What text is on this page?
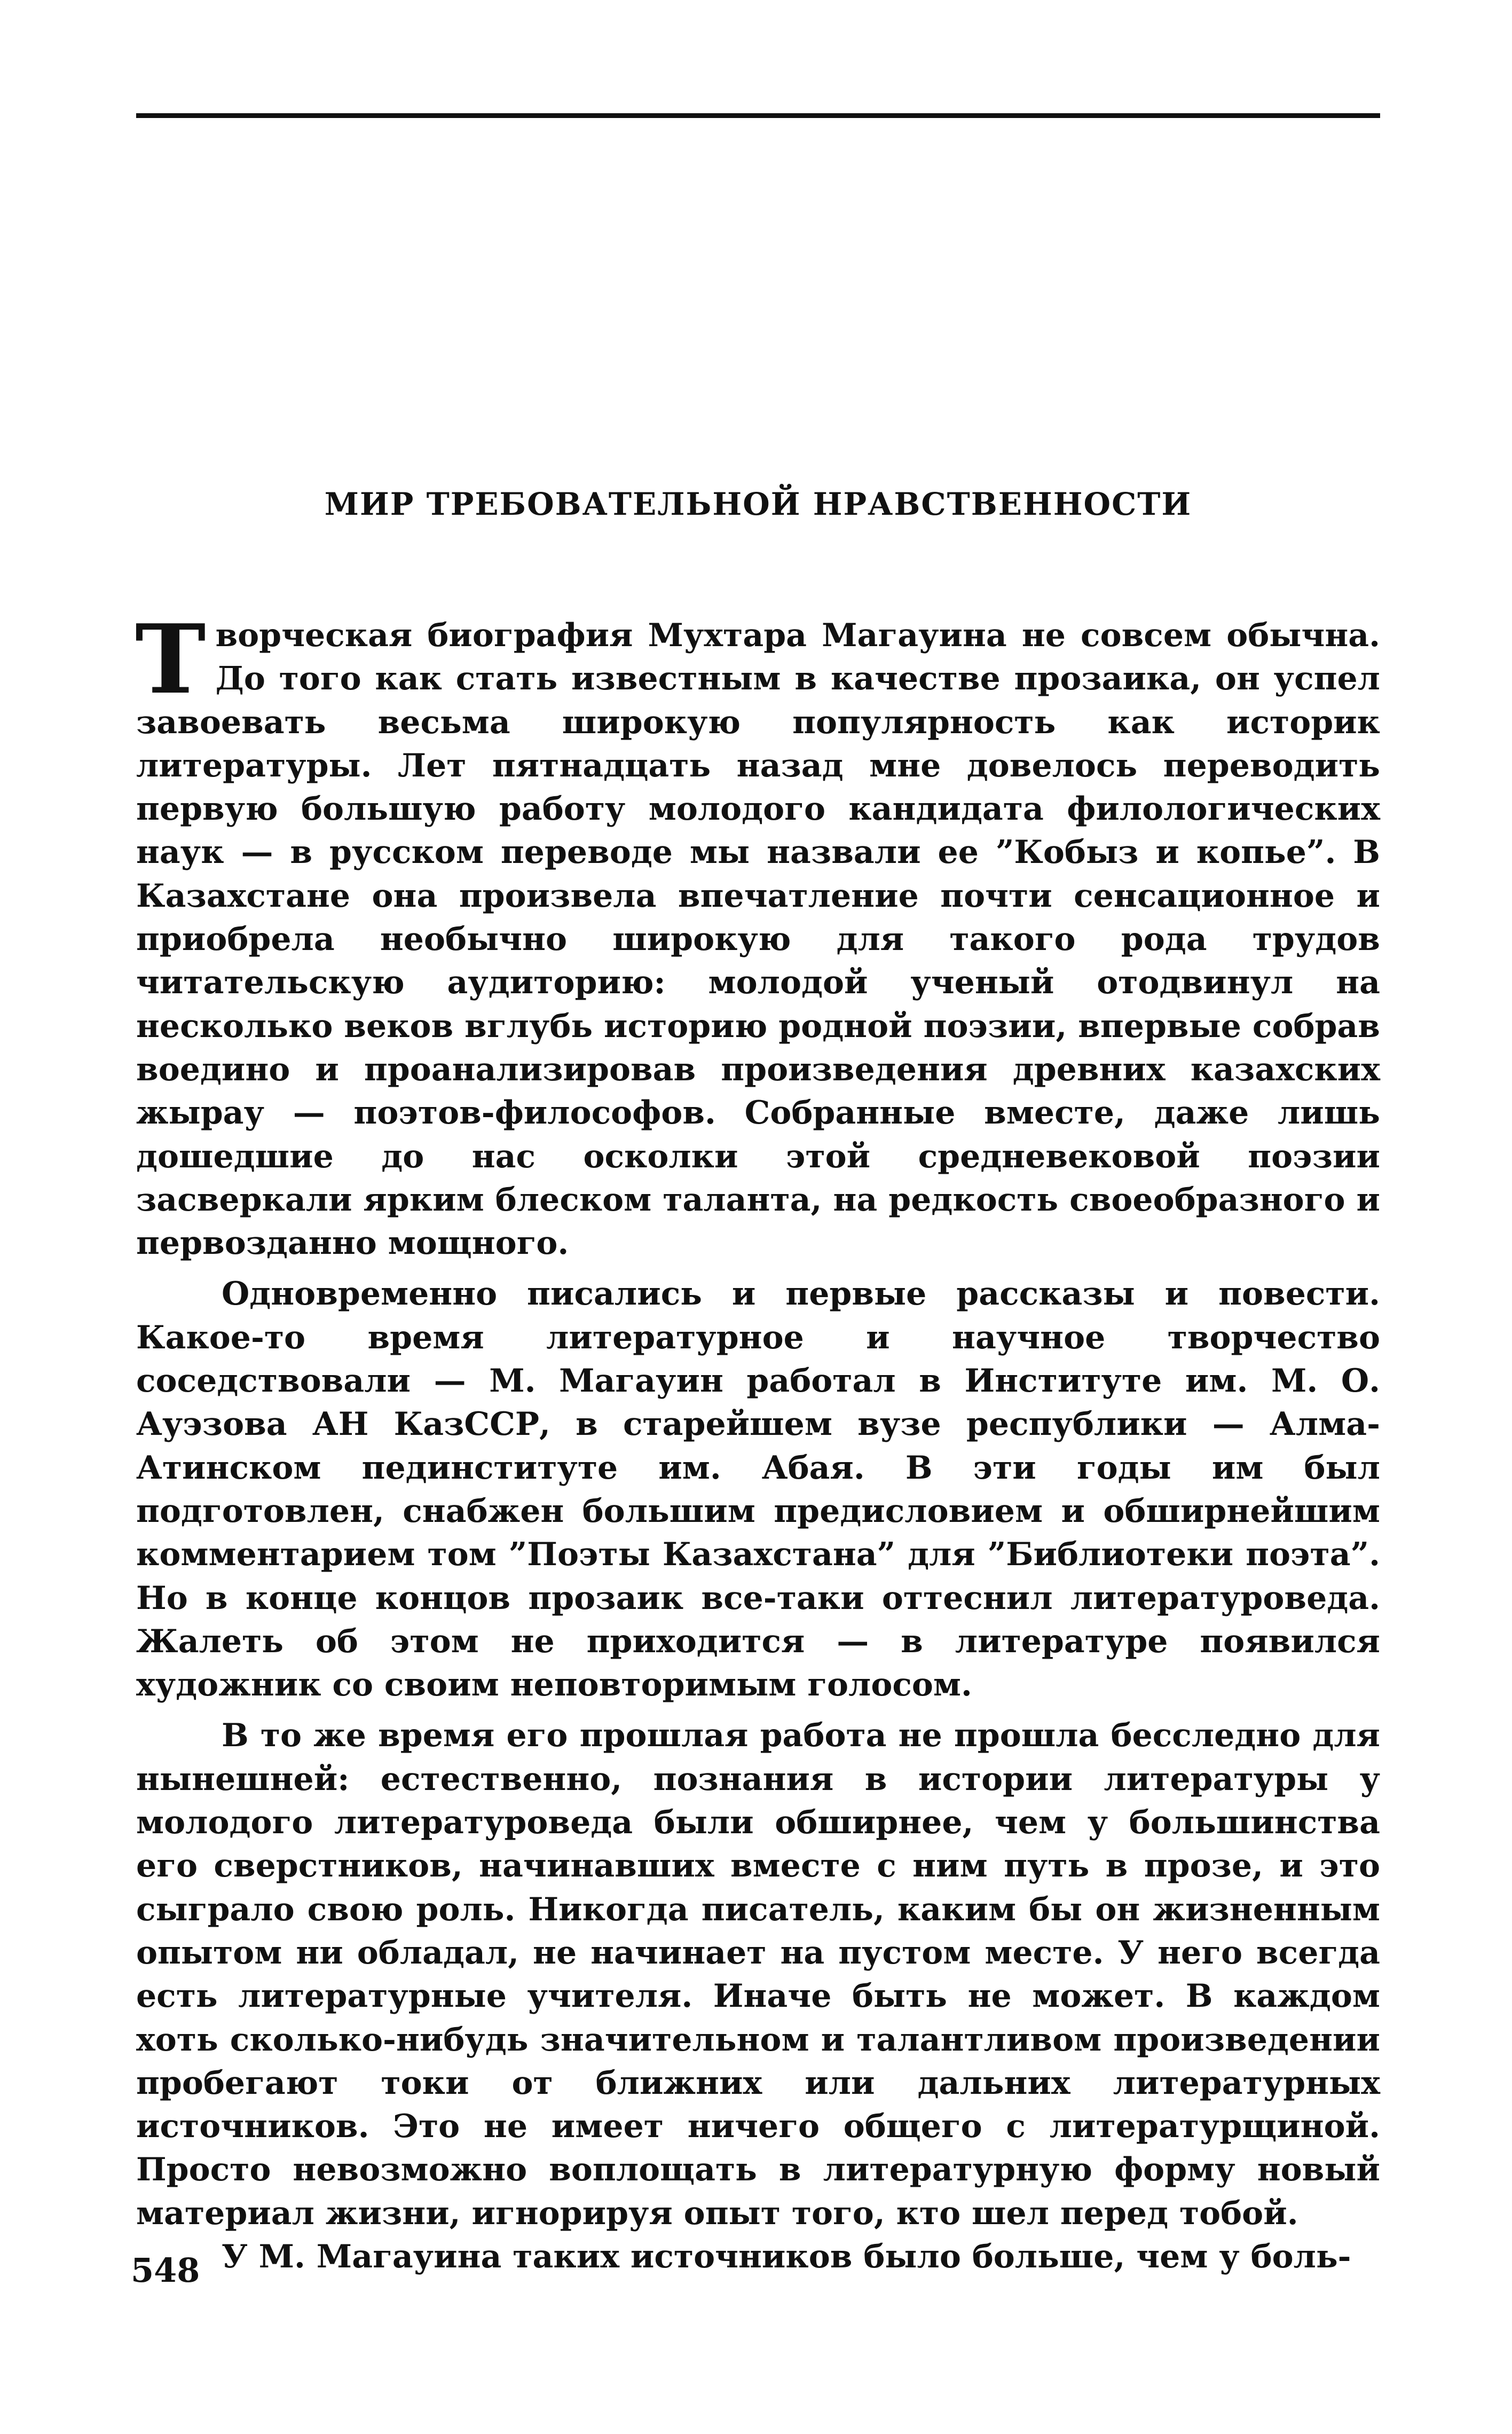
МИР ТРЕБОВАТЕЛЬНОЙ НРАВСТВЕННОСТИ

Т ворческая биография Мухтара Магауина не совсем обычна. До того как стать известным в качестве прозаика, он успел завоевать весьма широкую популярность как историк литературы. Лет пятнадцать назад мне довелось переводить первую большую работу молодого кандидата филологических наук — в русском переводе мы назвали ее ”Кобыз и копье”. В Казахстане она произвела впечатление почти сенсационное и приобрела необычно широкую для такого рода трудов читательскую аудиторию: молодой ученый отодвинул на несколько веков вглубь историю родной поэзии, впервые собрав воедино и проанализировав произведения древних казахских жырау — поэтов-философов. Собранные вместе, даже лишь дошедшие до нас осколки этой средневековой поэзии засверкали ярким блеском таланта, на редкость своеобразного и первозданно мощного.

Одновременно писались и первые рассказы и повести. Какое-то время литературное и научное творчество соседствовали — М. Магауин работал в Институте им. М. О. Ауэзова АН КазССР, в старейшем вузе республики — Алма-Атинском пединституте им. Абая. В эти годы им был подготовлен, снабжен большим предисловием и обширнейшим комментарием том ”Поэты Казахстана” для ”Библиотеки поэта”. Но в конце концов прозаик все-таки оттеснил литературоведа. Жалеть об этом не приходится — в литературе появился художник со своим неповторимым голосом.

В то же время его прошлая работа не прошла бесследно для нынешней: естественно, познания в истории литературы у молодого литературоведа были обширнее, чем у большинства его сверстников, начинавших вместе с ним путь в прозе, и это сыграло свою роль. Никогда писатель, каким бы он жизненным опытом ни обладал, не начинает на пустом месте. У него всегда есть литературные учителя. Иначе быть не может. В каждом хоть сколько-нибудь значительном и талантливом произведении пробегают токи от ближних или дальних литературных источников. Это не имеет ничего общего с литературщиной. Просто невозможно воплощать в литературную форму новый материал жизни, игнорируя опыт того, кто шел перед тобой.

У М. Магауина таких источников было больше, чем у боль-

548
